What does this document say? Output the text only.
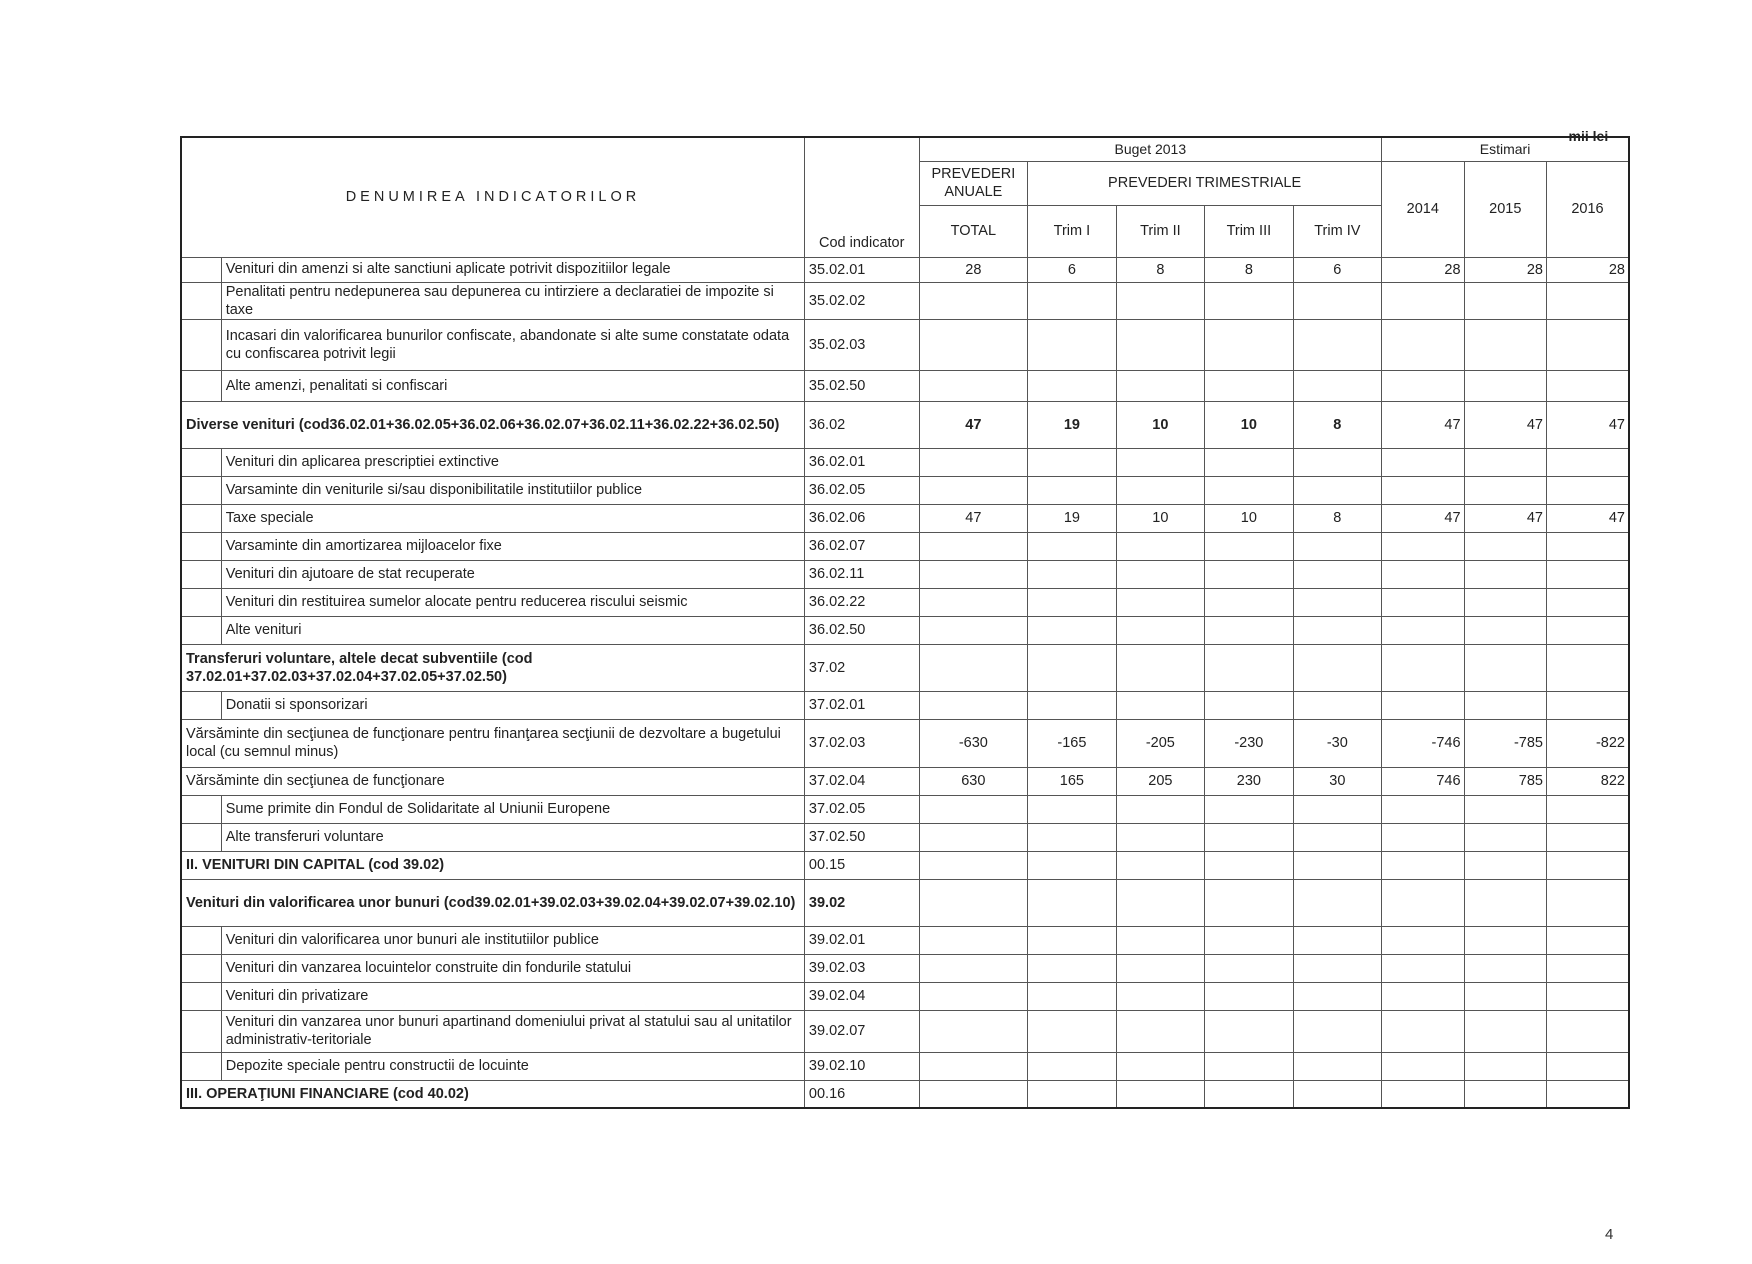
- mii lei -
DENUMIREA INDICATORILOR		Cod indicator	Buget 2013					Estimari		
			PREVEDERI ANUALE	PREVEDERI TRIMESTRIALE				2014	2015	2016
			TOTAL	Trim I	Trim II	Trim III	Trim IV			
	Venituri din amenzi si alte sanctiuni aplicate potrivit dispozitiilor legale	35.02.01	28	6	8	8	6	28	28	28
	Penalitati pentru nedepunerea sau depunerea cu intirziere a declaratiei de impozite si taxe	35.02.02								
	Incasari din valorificarea bunurilor confiscate, abandonate si alte sume constatate odata cu confiscarea potrivit legii	35.02.03								
	Alte amenzi, penalitati si confiscari	35.02.50								
Diverse venituri (cod36.02.01+36.02.05+36.02.06+36.02.07+36.02.11+36.02.22+36.02.50)		36.02	47	19	10	10	8	47	47	47
	Venituri din aplicarea prescriptiei extinctive	36.02.01								
	Varsaminte din veniturile si/sau disponibilitatile institutiilor publice	36.02.05								
	Taxe speciale	36.02.06	47	19	10	10	8	47	47	47
	Varsaminte din amortizarea mijloacelor fixe	36.02.07								
	Venituri din ajutoare de stat recuperate	36.02.11								
	Venituri din restituirea sumelor alocate pentru reducerea riscului seismic	36.02.22								
	Alte venituri	36.02.50								
Transferuri voluntare, altele decat subventiile (cod 37.02.01+37.02.03+37.02.04+37.02.05+37.02.50)		37.02								
	Donatii si sponsorizari	37.02.01								
Vărsăminte din secţiunea de funcţionare pentru finanţarea secţiunii de dezvoltare a bugetului local (cu semnul minus)		37.02.03	-630	-165	-205	-230	-30	-746	-785	-822
Vărsăminte din secţiunea de funcţionare		37.02.04	630	165	205	230	30	746	785	822
	Sume primite din Fondul de Solidaritate al Uniunii Europene	37.02.05								
	Alte transferuri voluntare	37.02.50								
II. VENITURI DIN CAPITAL (cod 39.02)		00.15								
Venituri din valorificarea unor bunuri (cod39.02.01+39.02.03+39.02.04+39.02.07+39.02.10)		39.02								
	Venituri din valorificarea unor bunuri ale institutiilor publice	39.02.01								
	Venituri din vanzarea locuintelor construite din fondurile statului	39.02.03								
	Venituri din privatizare	39.02.04								
	Venituri din vanzarea unor bunuri apartinand domeniului privat al statului sau al unitatilor administrativ-teritoriale	39.02.07								
	Depozite speciale pentru constructii de locuinte	39.02.10								
III. OPERAŢIUNI FINANCIARE (cod 40.02)		00.16								
4
